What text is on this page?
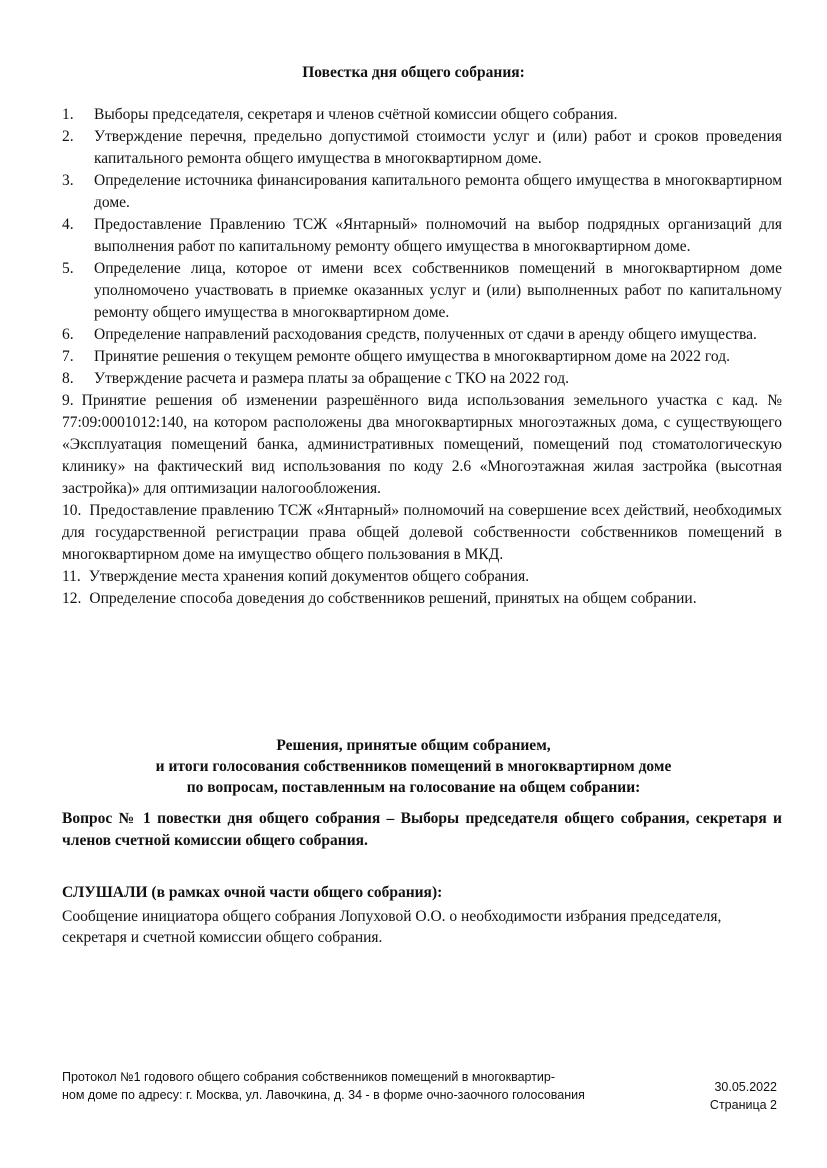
Повестка дня общего собрания:
1.	Выборы председателя, секретаря и членов счётной комиссии общего собрания.
2.	Утверждение перечня, предельно допустимой стоимости услуг и (или) работ и сроков проведения капитального ремонта общего имущества в многоквартирном доме.
3.	Определение источника финансирования капитального ремонта общего имущества в многоквартирном доме.
4.	Предоставление Правлению ТСЖ «Янтарный» полномочий на выбор подрядных организаций для выполнения работ по капитальному ремонту общего имущества в многоквартирном доме.
5.	Определение лица, которое от имени всех собственников помещений в многоквартирном доме уполномочено участвовать в приемке оказанных услуг и (или) выполненных работ по капитальному ремонту общего имущества в многоквартирном доме.
6.	Определение направлений расходования средств, полученных от сдачи в аренду общего имущества.
7.	Принятие решения о текущем ремонте общего имущества в многоквартирном доме на 2022 год.
8.	Утверждение расчета и размера платы за обращение с ТКО на 2022 год.
9. Принятие решения об изменении разрешённого вида использования земельного участка с кад. № 77:09:0001012:140, на котором расположены два многоквартирных многоэтажных дома, с существующего «Эксплуатация помещений банка, административных помещений, помещений под стоматологическую клинику» на фактический вид использования по коду 2.6 «Многоэтажная жилая застройка (высотная застройка)» для оптимизации налогообложения.
10. Предоставление правлению ТСЖ «Янтарный» полномочий на совершение всех действий, необходимых для государственной регистрации права общей долевой собственности собственников помещений в многоквартирном доме на имущество общего пользования в МКД.
11. Утверждение места хранения копий документов общего собрания.
12. Определение способа доведения до собственников решений, принятых на общем собрании.
Решения, принятые общим собранием,
и итоги голосования собственников помещений в многоквартирном доме
по вопросам, поставленным на голосование на общем собрании:
Вопрос № 1 повестки дня общего собрания – Выборы председателя общего собрания, секретаря и членов счетной комиссии общего собрания.
СЛУШАЛИ (в рамках очной части общего собрания):
Сообщение инициатора общего собрания Лопуховой О.О. о необходимости избрания председателя, секретаря и счетной комиссии общего собрания.
Протокол №1 годового общего собрания собственников помещений в многоквартир-
ном доме по адресу: г. Москва, ул. Лавочкина, д. 34 - в форме очно-заочного голосования
30.05.2022
Страница 2
